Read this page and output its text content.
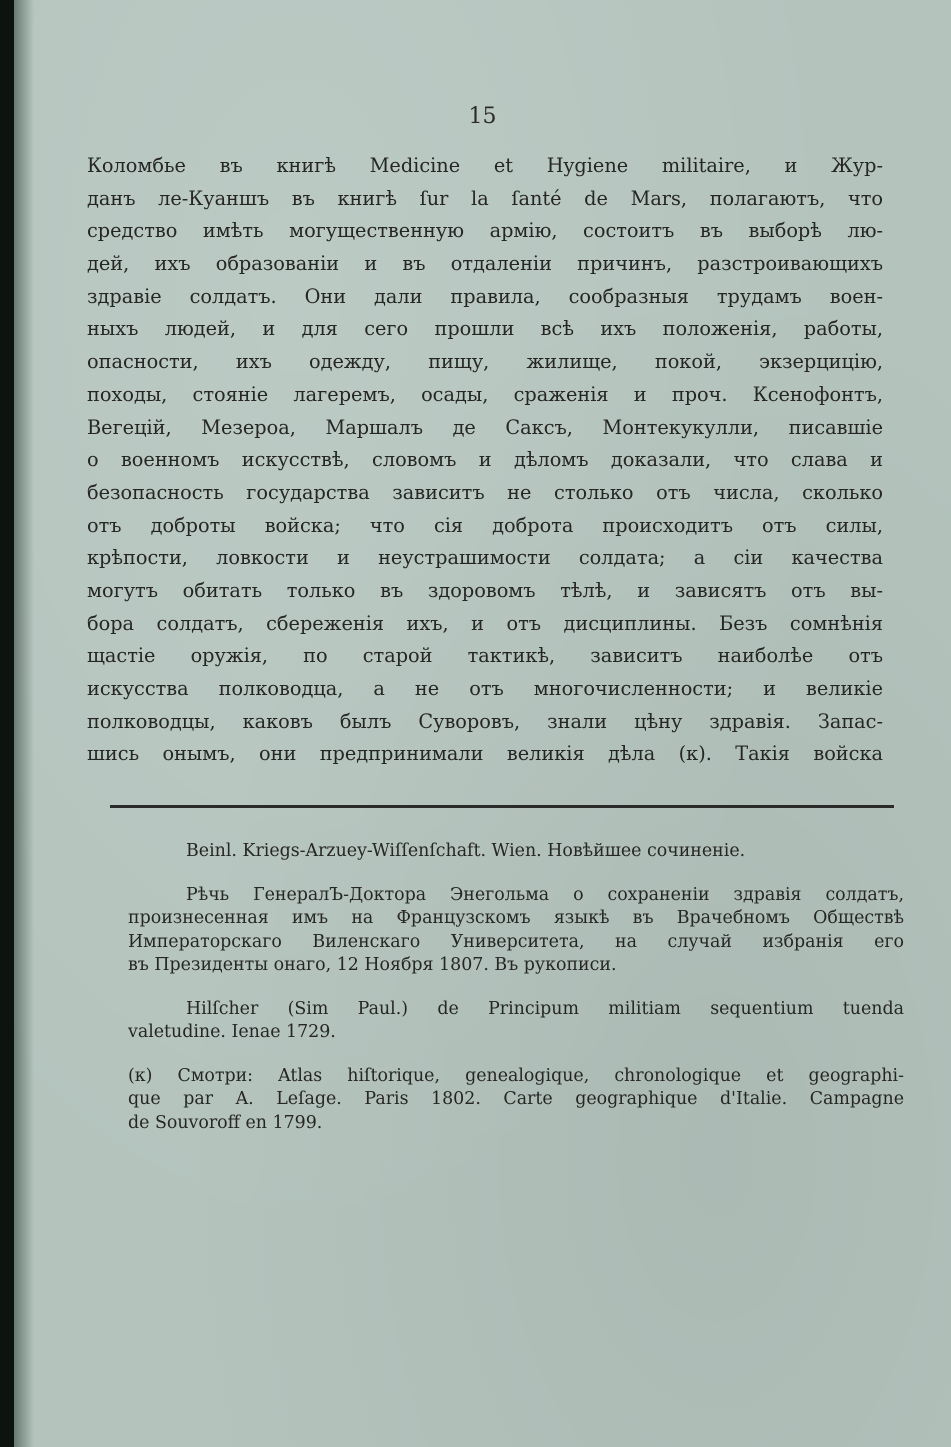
15

Коломбье въ книгѣ Medicine et Hygiene militaire, и Жур-
данъ ле-Куаншъ въ книгѣ ſur la ſanté de Mars, полагаютъ, что
средство имѣть могущественную армію, состоитъ въ выборѣ лю-
дей, ихъ образованіи и въ отдаленіи причинъ, разстроивающихъ
здравіе солдатъ. Они дали правила, сообразныя трудамъ воен-
ныхъ людей, и для сего прошли всѣ ихъ положенія, работы,
опасности, ихъ одежду, пищу, жилище, покой, экзерцицію,
походы, стояніе лагеремъ, осады, сраженія и проч. Ксенофонтъ,
Вегецій, Мезероа, Маршалъ де Саксъ, Монтекукулли, писавшіе
о военномъ искусствѣ, словомъ и дѣломъ доказали, что слава и
безопасность государства зависитъ не столько отъ числа, сколько
отъ доброты войска; что сія доброта происходитъ отъ силы,
крѣпости, ловкости и неустрашимости солдата; а сіи качества
могутъ обитать только въ здоровомъ тѣлѣ, и зависятъ отъ вы-
бора солдатъ, сбереженія ихъ, и отъ дисциплины. Безъ сомнѣнія
щастіе оружія, по старой тактикѣ, зависитъ наиболѣе отъ
искусства полководца, а не отъ многочисленности; и великіе
полководцы, каковъ былъ Суворовъ, знали цѣну здравія. Запас-
шись онымъ, они предпринимали великія дѣла (к). Такія войска
Beinl. Kriegs-Arzuey-Wiſſenſchaft. Wien. Новѣйшее сочиненіе.
Рѣчь ГенералЪ-Доктора Энегольма о сохраненіи здравія солдатъ,
произнесенная имъ на Французскомъ языкѣ въ Врачебномъ Обществѣ
Императорскаго Виленскаго Университета, на случай избранія его
въ Президенты онаго, 12 Ноября 1807. Въ рукописи.
Hilſcher (Sim Paul.) de Principum militiam sequentium tuenda
valetudine. Ienae 1729.
(к) Смотри: Atlas hiſtorique, genealogique, chronologique et geographi-
que par A. Leſage. Paris 1802. Carte geographique d'Italie. Campagne
de Souvoroff en 1799.
